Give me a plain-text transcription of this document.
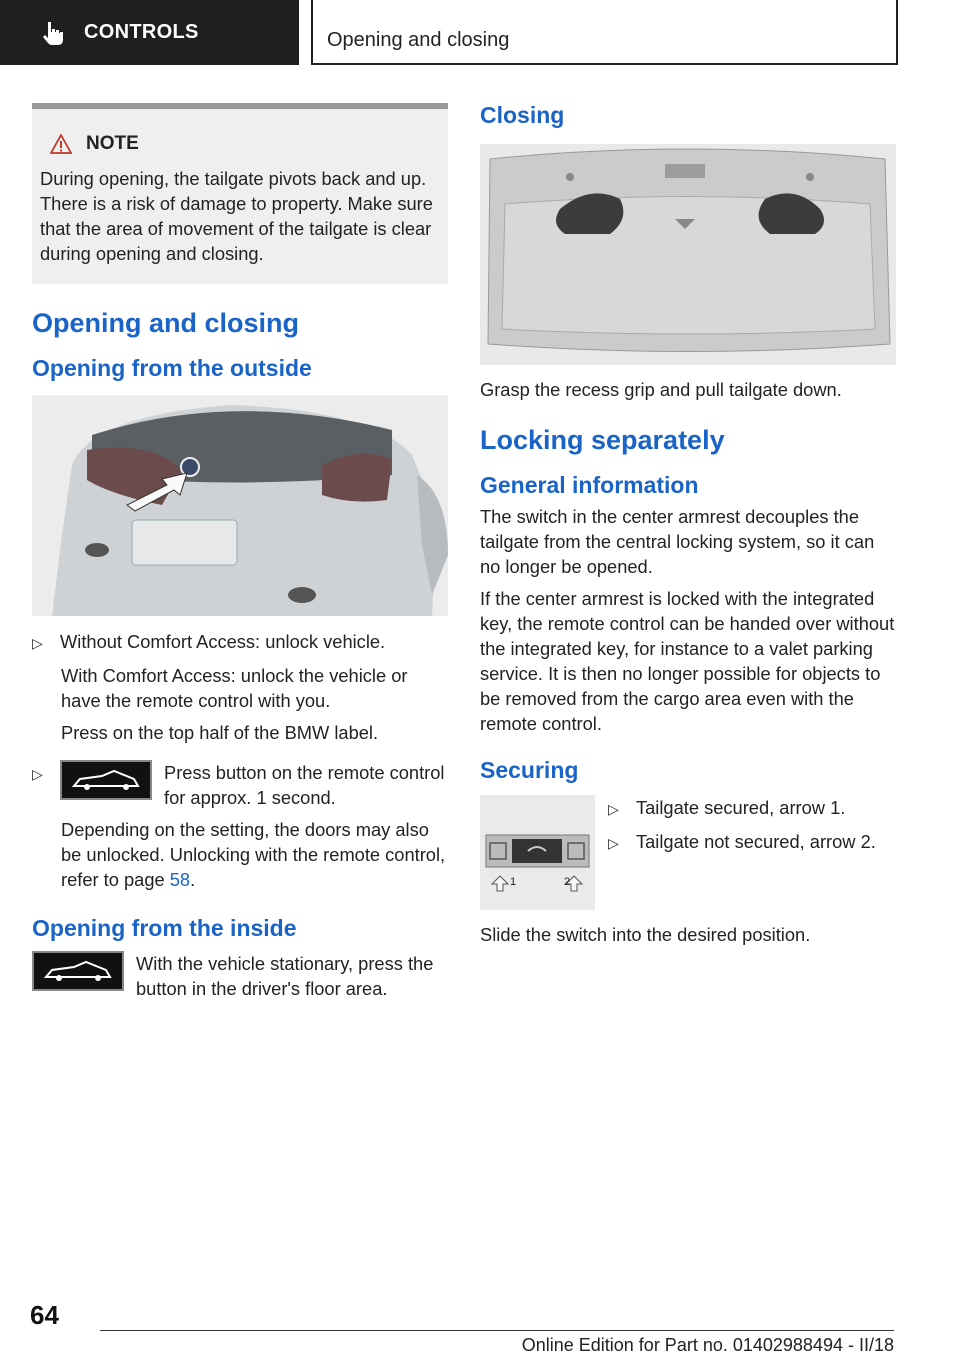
CONTROLS	Opening and closing
NOTE

During opening, the tailgate pivots back and up. There is a risk of damage to property. Make sure that the area of movement of the tailgate is clear during opening and closing.

Opening and closing
Opening from the outside
▷ Without Comfort Access: unlock vehicle.

With Comfort Access: unlock the vehicle or have the remote control with you.

Press on the top half of the BMW label.

▷	Press button on the remote control for approx. 1 second.

Depending on the setting, the doors may also be unlocked. Unlocking with the remote control, refer to page 58.

Opening from the inside

With the vehicle stationary, press the button in the driver's floor area.

Closing

Grasp the recess grip and pull tailgate down.

Locking separately
General information

The switch in the center armrest decouples the tailgate from the central locking system, so it can no longer be opened.

If the center armrest is locked with the integrated key, the remote control can be handed over without the integrated key, for instance to a valet parking service. It is then no longer possible for objects to be removed from the cargo area even with the remote control.

Securing
1	2
▷ Tailgate secured, arrow 1.
▷ Tailgate not secured, arrow 2.

Slide the switch into the desired position.

64
Online Edition for Part no. 01402988494 - II/18
